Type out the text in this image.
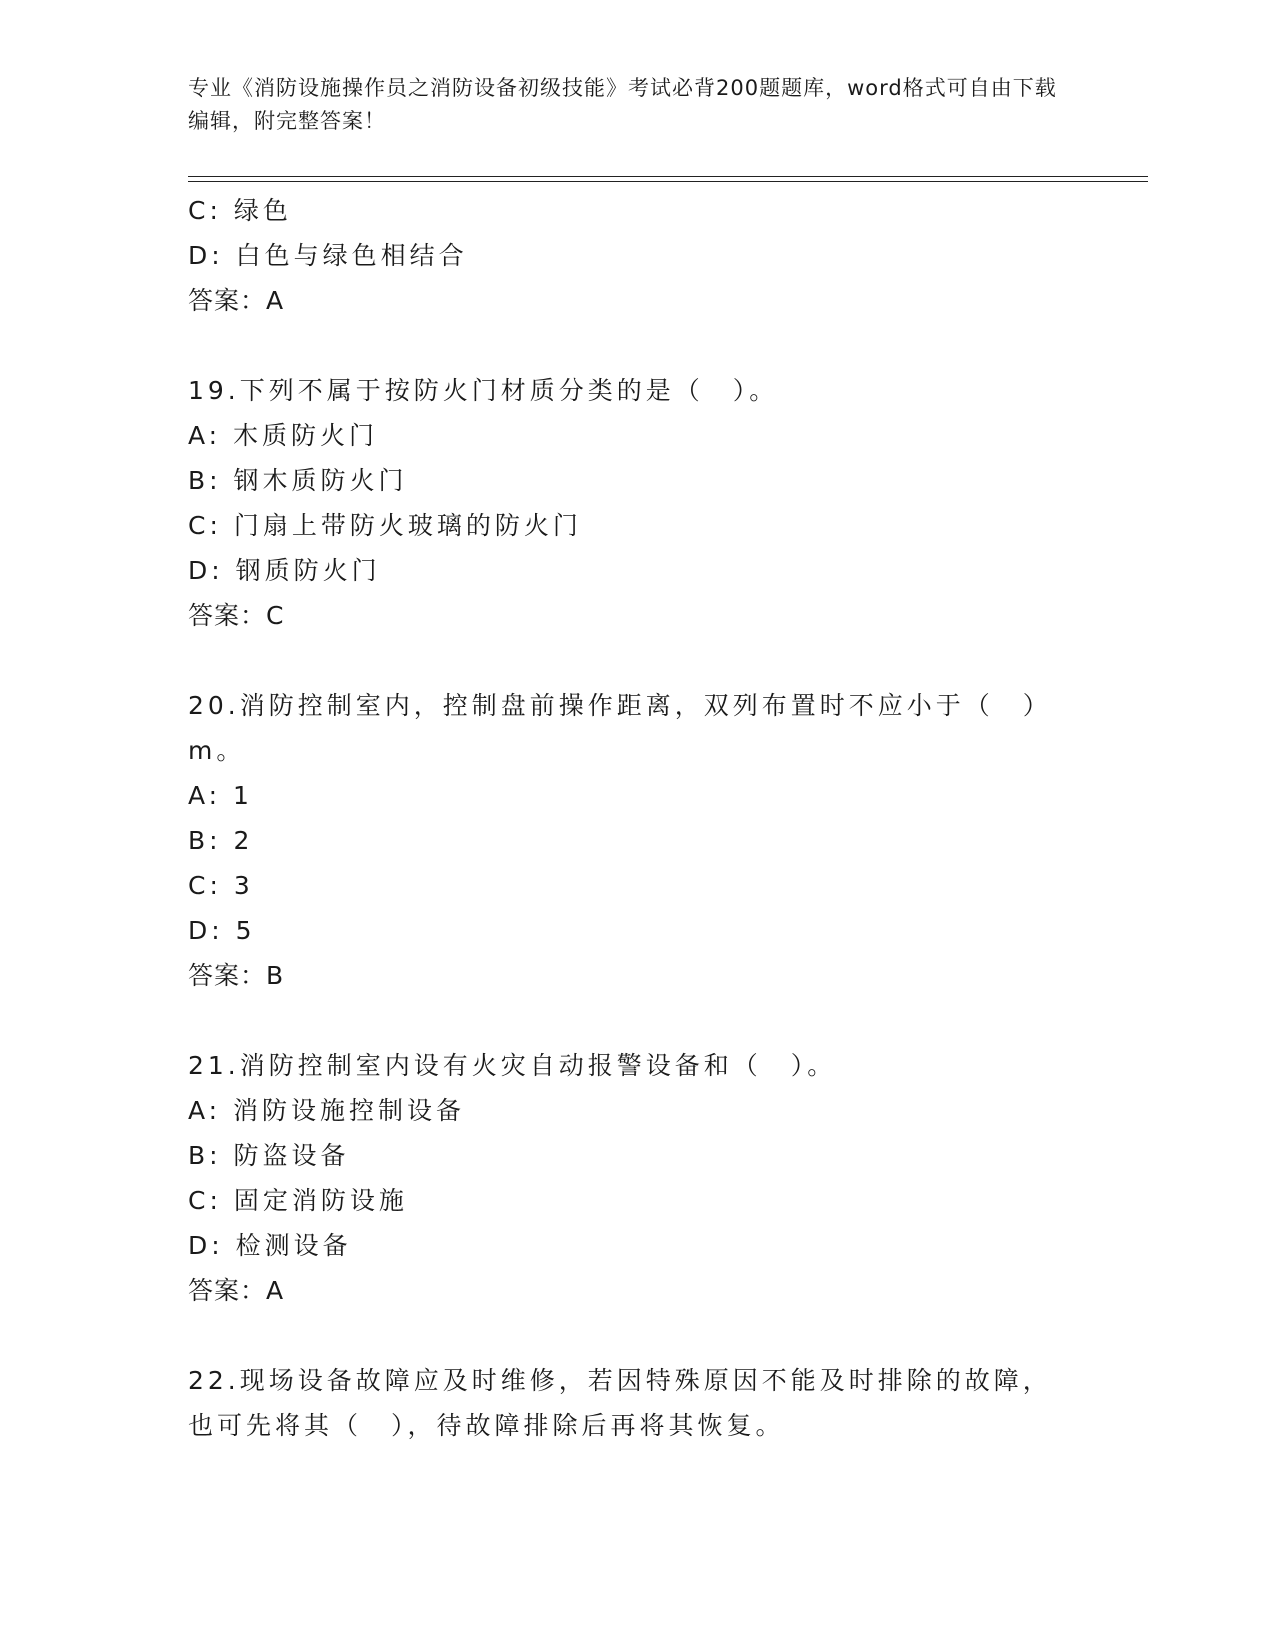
专业《消防设施操作员之消防设备初级技能》考试必背200题题库，word格式可自由下载编辑，附完整答案！
C: 绿色
D: 白色与绿色相结合
答案：A
19.下列不属于按防火门材质分类的是（　）。
A: 木质防火门
B: 钢木质防火门
C: 门扇上带防火玻璃的防火门
D: 钢质防火门
答案：C
20.消防控制室内，控制盘前操作距离，双列布置时不应小于（　）m。
A: 1
B: 2
C: 3
D: 5
答案：B
21.消防控制室内设有火灾自动报警设备和（　）。
A: 消防设施控制设备
B: 防盗设备
C: 固定消防设施
D: 检测设备
答案：A
22.现场设备故障应及时维修，若因特殊原因不能及时排除的故障，也可先将其（　），待故障排除后再将其恢复。
